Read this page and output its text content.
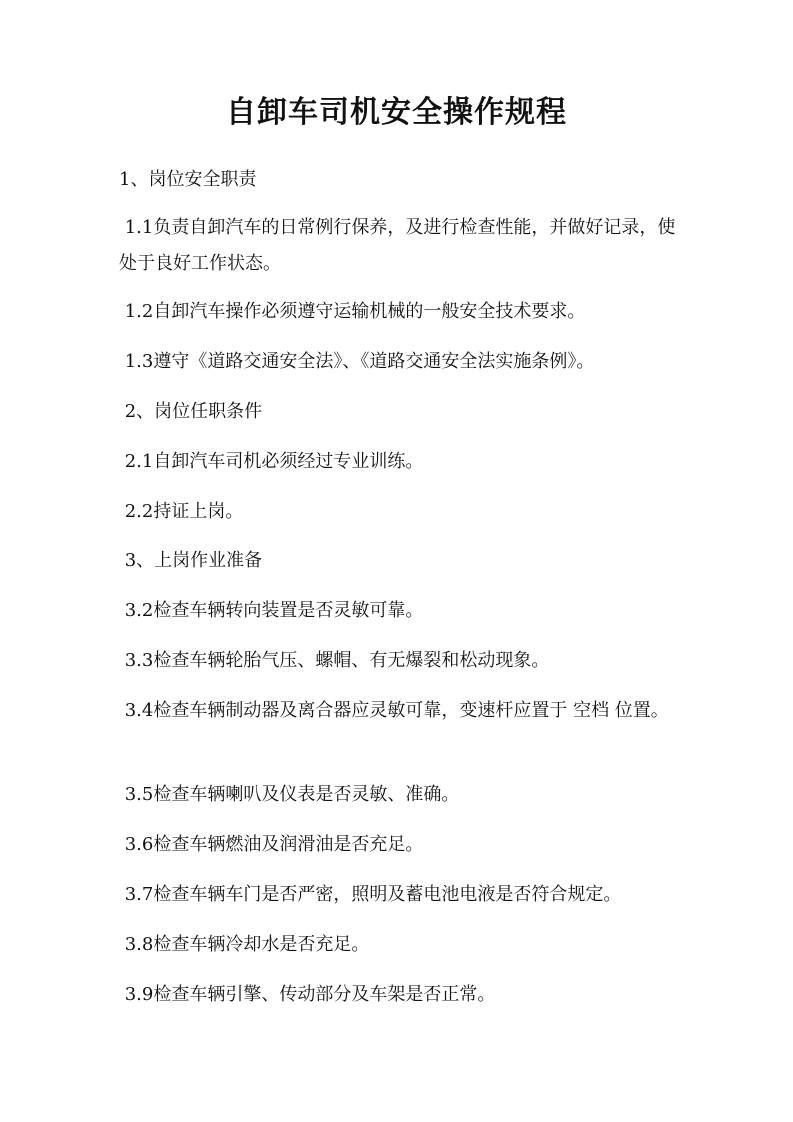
自卸车司机安全操作规程
1、岗位安全职责
1.1负责自卸汽车的日常例行保养，及进行检查性能，并做好记录，使处于良好工作状态。
1.2自卸汽车操作必须遵守运输机械的一般安全技术要求。
1.3遵守《道路交通安全法》、《道路交通安全法实施条例》。
2、岗位任职条件
2.1自卸汽车司机必须经过专业训练。
2.2持证上岗。
3、上岗作业准备
3.2检查车辆转向装置是否灵敏可靠。
3.3检查车辆轮胎气压、螺帽、有无爆裂和松动现象。
3.4检查车辆制动器及离合器应灵敏可靠，变速杆应置于 空档 位置。
3.5检查车辆喇叭及仪表是否灵敏、准确。
3.6检查车辆燃油及润滑油是否充足。
3.7检查车辆车门是否严密，照明及蓄电池电液是否符合规定。
3.8检查车辆冷却水是否充足。
3.9检查车辆引擎、传动部分及车架是否正常。
